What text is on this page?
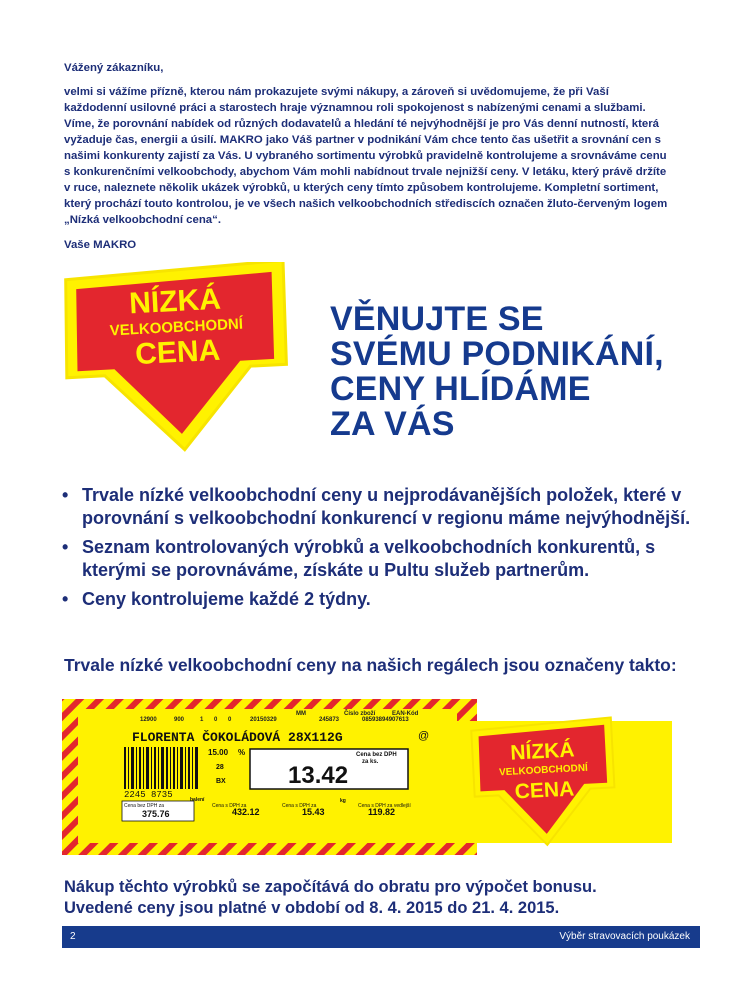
Vážený zákazníku,

velmi si vážíme přízně, kterou nám prokazujete svými nákupy, a zároveň si uvědomujeme, že při Vaší každodenní usilovné práci a starostech hraje významnou roli spokojenost s nabízenými cenami a službami. Víme, že porovnání nabídek od různých dodavatelů a hledání té nejvýhodnější je pro Vás denní nutností, která vyžaduje čas, energii a úsilí. MAKRO jako Váš partner v podnikání Vám chce tento čas ušetřit a srovnání cen s našimi konkurenty zajistí za Vás. U vybraného sortimentu výrobků pravidelně kontrolujeme a srovnáváme cenu s konkurenčními velkoobchody, abychom Vám mohli nabídnout trvale nejnižší ceny. V letáku, který právě držíte v ruce, naleznete několik ukázek výrobků, u kterých ceny tímto způsobem kontrolujeme. Kompletní sortiment, který prochází touto kontrolou, je ve všech našich velkoobchodních střediscích označen žluto-červeným logem „Nízká velkoobchodní cena“.

Vaše MAKRO

NÍZKÁ
VELKOOBCHODNÍ
CENA
VĚNUJTE SE
SVÉMU PODNIKÁNÍ,
CENY HLÍDÁME
ZA VÁS
• Trvale nízké velkoobchodní ceny u nejprodávanějších položek, které v porovnání s velkoobchodní konkurencí v regionu máme nejvýhodnější.
• Seznam kontrolovaných výrobků a velkoobchodních konkurentů, s kterými se porovnáváme, získáte u Pultu služeb partnerům.
• Ceny kontrolujeme každé 2 týdny.
Trvale nízké velkoobchodní ceny na našich regálech jsou označeny takto:
12900	900	1 0 0	20150329
MM
245873
Číslo zboží	EAN-Kód
08593894907613
FLORENTA ČOKOLÁDOVÁ 28X112G	@
2245 8735
15.00 %
28
BX
Cena bez DPH
za ks.
13.42
Cena bez DPH za
balení
375.76
Cena s DPH za
432.12
Cena s DPH za
15.43
kg
Cena s DPH za vedlejší
119.82
NÍZKÁ
VELKOOBCHODNÍ
CENA
Nákup těchto výrobků se započítává do obratu pro výpočet bonusu.
Uvedené ceny jsou platné v období od 8. 4. 2015 do 21. 4. 2015.
2	Výběr stravovacích poukázek
